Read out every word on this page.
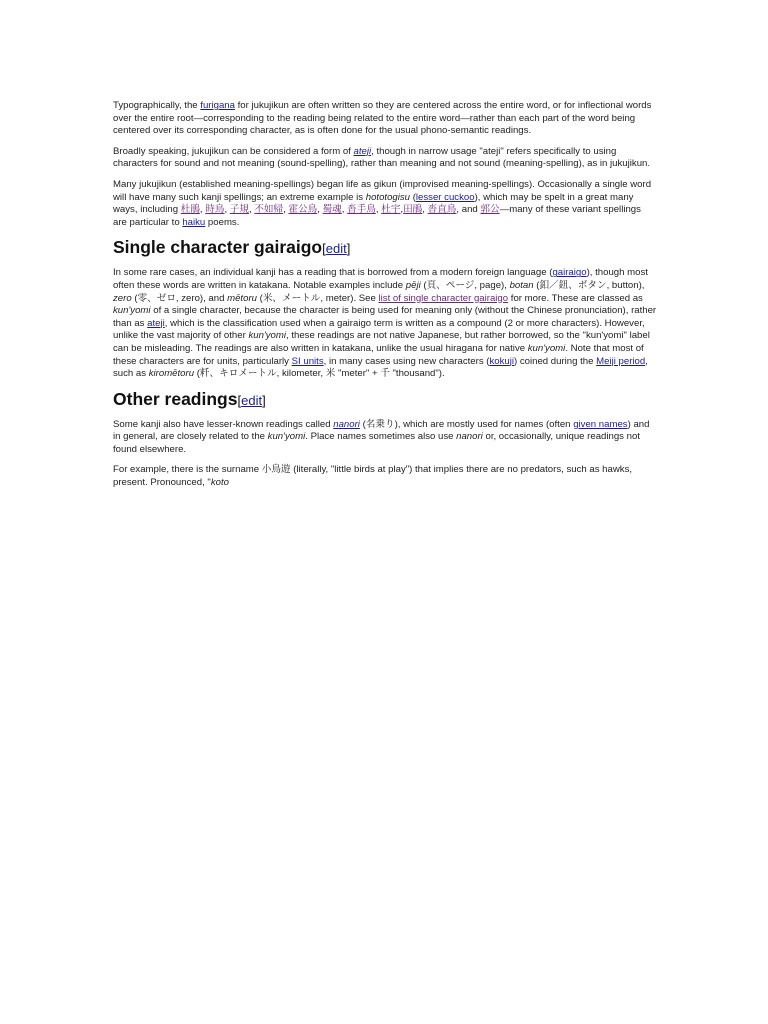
Typographically, the furigana for jukujikun are often written so they are centered across the entire word, or for inflectional words over the entire root—corresponding to the reading being related to the entire word—rather than each part of the word being centered over its corresponding character, as is often done for the usual phono-semantic readings.

Broadly speaking, jukujikun can be considered a form of ateji, though in narrow usage "ateji" refers specifically to using characters for sound and not meaning (sound-spelling), rather than meaning and not sound (meaning-spelling), as in jukujikun.

Many jukujikun (established meaning-spellings) began life as gikun (improvised meaning-spellings). Occasionally a single word will have many such kanji spellings; an extreme example is hototogisu (lesser cuckoo), which may be spelt in a great many ways, including 杜鵑, 時鳥, 子規, 不如帰, 霍公鳥, 蜀魂, 沓手鳥, 杜宇,田鵑, 沓直鳥, and 郭公—many of these variant spellings are particular to haiku poems.

Single character gairaigo[edit]

In some rare cases, an individual kanji has a reading that is borrowed from a modern foreign language (gairaigo), though most often these words are written in katakana. Notable examples include pēji (頁、ページ, page), botan (釦／鈕、ボタン, button), zero (零、ゼロ, zero), and mētoru (米、メートル, meter). See list of single character gairaigo for more. These are classed as kun'yomi of a single character, because the character is being used for meaning only (without the Chinese pronunciation), rather than as ateji, which is the classification used when a gairaigo term is written as a compound (2 or more characters). However, unlike the vast majority of other kun'yomi, these readings are not native Japanese, but rather borrowed, so the "kun'yomi" label can be misleading. The readings are also written in katakana, unlike the usual hiragana for native kun'yomi. Note that most of these characters are for units, particularly SI units, in many cases using new characters (kokuji) coined during the Meiji period, such as kiromētoru (粁、キロメートル, kilometer, 米 "meter" + 千 "thousand").

Other readings[edit]

Some kanji also have lesser-known readings called nanori (名乗り), which are mostly used for names (often given names) and in general, are closely related to the kun'yomi. Place names sometimes also use nanori or, occasionally, unique readings not found elsewhere.

For example, there is the surname 小鳥遊 (literally, "little birds at play") that implies there are no predators, such as hawks, present. Pronounced, "koto
